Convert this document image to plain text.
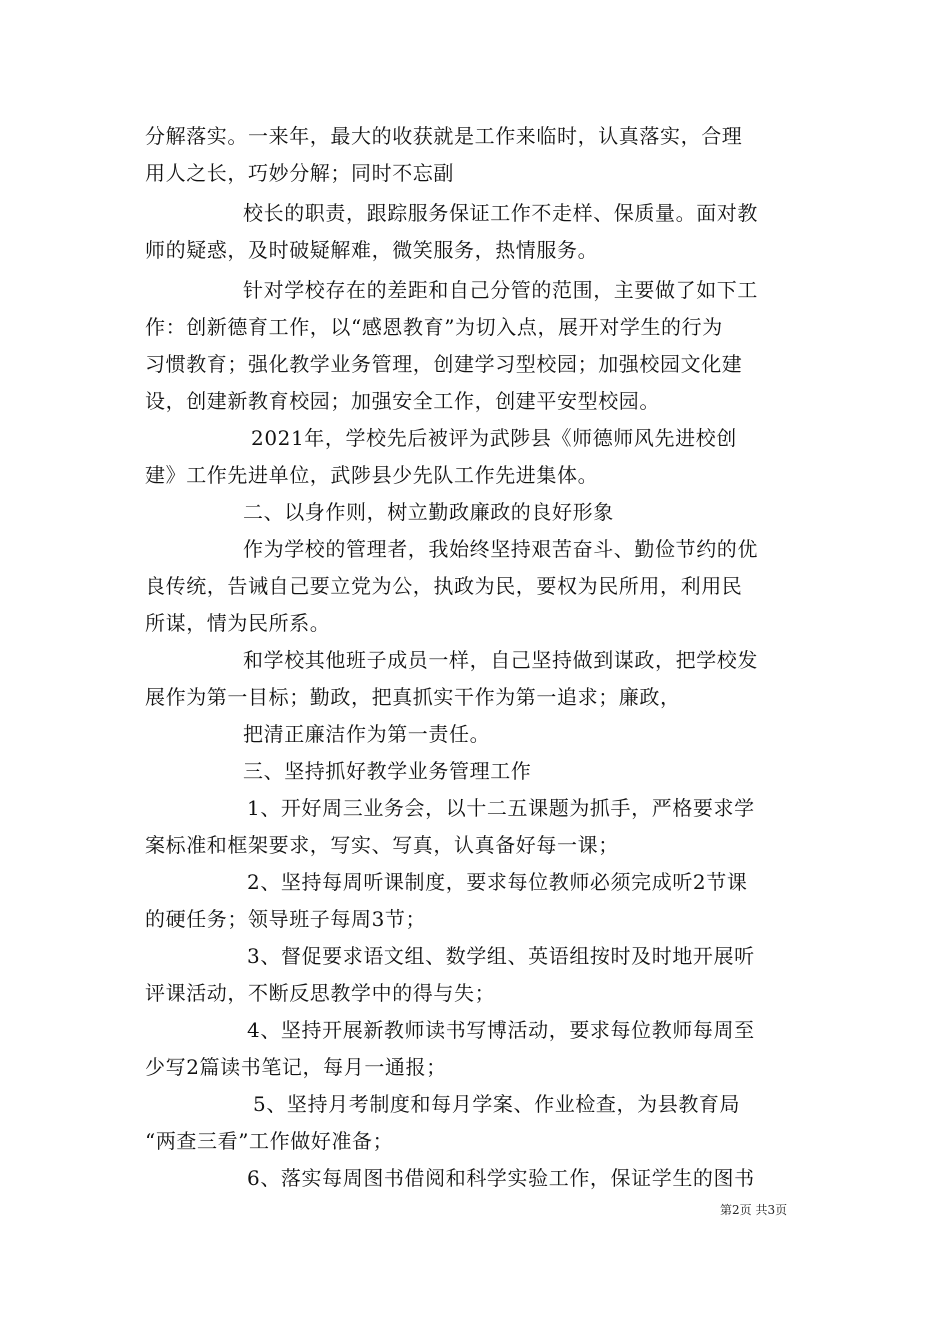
分解落实。一来年，最大的收获就是工作来临时，认真落实，合理
用人之长，巧妙分解；同时不忘副
校长的职责，跟踪服务保证工作不走样、保质量。面对教
师的疑惑，及时破疑解难，微笑服务，热情服务。
针对学校存在的差距和自己分管的范围，主要做了如下工
作：创新德育工作，以“感恩教育”为切入点，展开对学生的行为
习惯教育；强化教学业务管理，创建学习型校园；加强校园文化建
设，创建新教育校园；加强安全工作，创建平安型校园。
2021年，学校先后被评为武陟县《师德师风先进校创
建》工作先进单位，武陟县少先队工作先进集体。
二、以身作则，树立勤政廉政的良好形象
作为学校的管理者，我始终坚持艰苦奋斗、勤俭节约的优
良传统，告诫自己要立党为公，执政为民，要权为民所用，利用民
所谋，情为民所系。
和学校其他班子成员一样，自己坚持做到谋政，把学校发
展作为第一目标；勤政，把真抓实干作为第一追求；廉政，
把清正廉洁作为第一责任。
三、坚持抓好教学业务管理工作
1、开好周三业务会，以十二五课题为抓手，严格要求学
案标准和框架要求，写实、写真，认真备好每一课；
2、坚持每周听课制度，要求每位教师必须完成听2节课
的硬任务；领导班子每周3节；
3、督促要求语文组、数学组、英语组按时及时地开展听
评课活动，不断反思教学中的得与失；
4、坚持开展新教师读书写博活动，要求每位教师每周至
少写2篇读书笔记，每月一通报；
5、坚持月考制度和每月学案、作业检查，为县教育局
“两查三看”工作做好准备；
6、落实每周图书借阅和科学实验工作，保证学生的图书
第2页 共3页
